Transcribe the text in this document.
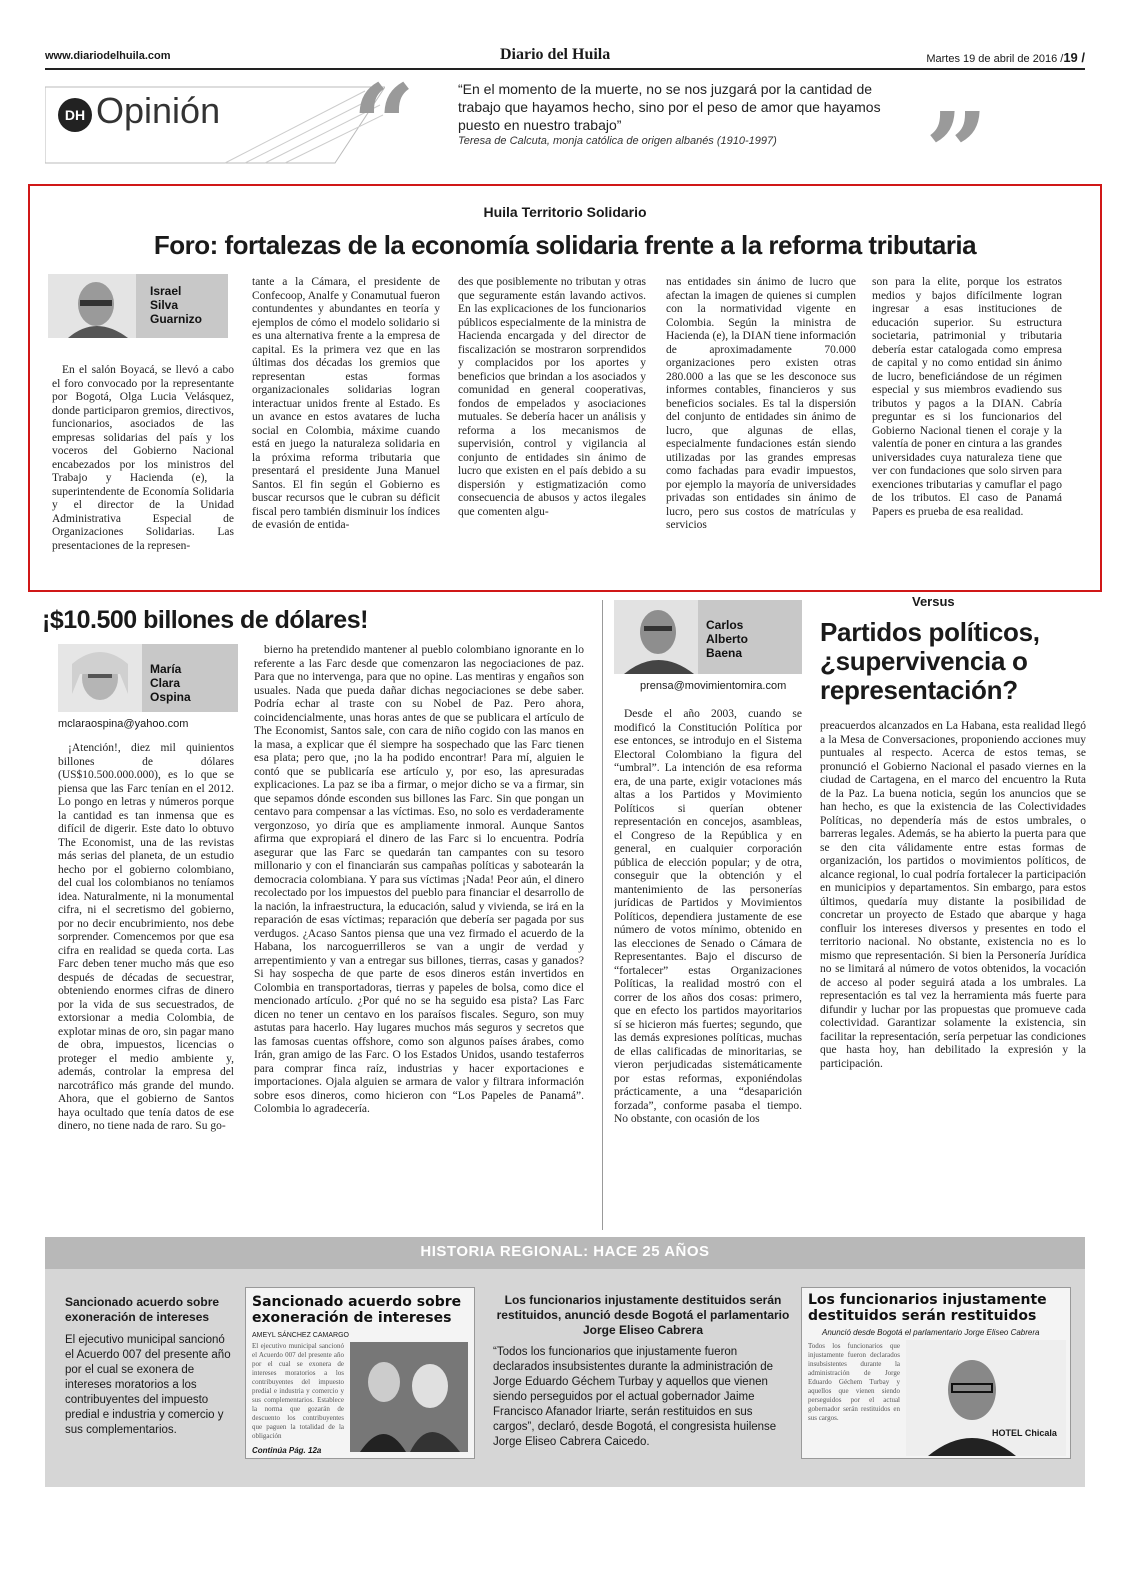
www.diariodelhuila.com	Diario del Huila	Martes 19 de abril de 2016 /19 /
DH Opinión “	“En el momento de la muerte, no se nos juzgará por la cantidad de trabajo que hayamos hecho, sino por el peso de amor que hayamos puesto en nuestro trabajo”
Teresa de Calcuta, monja católica de origen albanés (1910-1997) ”
Huila Territorio Solidario
Foro: fortalezas de la economía solidaria frente a la reforma tributaria
Israel
Silva
Guarnizo
En el salón Boyacá, se llevó a cabo el foro convocado por la representante por Bogotá, Olga Lucia Velásquez, donde participaron gremios, directivos, funcionarios, asociados de las empresas solidarias del país y los voceros del Gobierno Nacional encabezados por los ministros del Trabajo y Hacienda (e), la superintendente de Economía Solidaria y el director de la Unidad Administrativa Especial de Organizaciones Solidarias. Las presentaciones de la represen-
tante a la Cámara, el presidente de Confecoop, Analfe y Conamutual fueron contundentes y abundantes en teoría y ejemplos de cómo el modelo solidario si es una alternativa frente a la empresa de capital. Es la primera vez que en las últimas dos décadas los gremios que representan estas formas organizacionales solidarias logran interactuar unidos frente al Estado. Es un avance en estos avatares de lucha social en Colombia, máxime cuando está en juego la naturaleza solidaria en la próxima reforma tributaria que presentará el presidente Juna Manuel Santos. El fin según el Gobierno es buscar recursos que le cubran su déficit fiscal pero también disminuir los índices de evasión de entida-
des que posiblemente no tributan y otras que seguramente están lavando activos. En las explicaciones de los funcionarios públicos especialmente de la ministra de Hacienda encargada y del director de fiscalización se mostraron sorprendidos y complacidos por los aportes y beneficios que brindan a los asociados y comunidad en general cooperativas, fondos de empelados y asociaciones mutuales. Se debería hacer un análisis y reforma a los mecanismos de supervisión, control y vigilancia al conjunto de entidades sin ánimo de lucro que existen en el país debido a su dispersión y estigmatización como consecuencia de abusos y actos ilegales que comenten algu-
nas entidades sin ánimo de lucro que afectan la imagen de quienes si cumplen con la normatividad vigente en Colombia. Según la ministra de Hacienda (e), la DIAN tiene información de aproximadamente 70.000 organizaciones pero existen otras 280.000 a las que se les desconoce sus informes contables, financieros y sus beneficios sociales. Es tal la dispersión del conjunto de entidades sin ánimo de lucro, que algunas de ellas, especialmente fundaciones están siendo utilizadas por las grandes empresas como fachadas para evadir impuestos, por ejemplo la mayoría de universidades privadas son entidades sin ánimo de lucro, pero sus costos de matrículas y servicios
son para la elite, porque los estratos medios y bajos difícilmente logran ingresar a esas instituciones de educación superior. Su estructura societaria, patrimonial y tributaria debería estar catalogada como empresa de capital y no como entidad sin ánimo de lucro, beneficiándose de un régimen especial y sus miembros evadiendo sus tributos y pagos a la DIAN. Cabría preguntar es si los funcionarios del Gobierno Nacional tienen el coraje y la valentía de poner en cintura a las grandes universidades cuya naturaleza tiene que ver con fundaciones que solo sirven para exenciones tributarias y camuflar el pago de los tributos. El caso de Panamá Papers es prueba de esa realidad.
¡$10.500 billones de dólares!
María
Clara
Ospina
mclaraospina@yahoo.com
¡Atención!, diez mil quinientos billones de dólares (US$10.500.000.000), es lo que se piensa que las Farc tenían en el 2012. Lo pongo en letras y números porque la cantidad es tan inmensa que es difícil de digerir. Este dato lo obtuvo The Economist, una de las revistas más serias del planeta, de un estudio hecho por el gobierno colombiano, del cual los colombianos no teníamos idea. Naturalmente, ni la monumental cifra, ni el secretismo del gobierno, por no decir encubrimiento, nos debe sorprender. Comencemos por que esa cifra en realidad se queda corta. Las Farc deben tener mucho más que eso después de décadas de secuestrar, obteniendo enormes cifras de dinero por la vida de sus secuestrados, de extorsionar a media Colombia, de explotar minas de oro, sin pagar mano de obra, impuestos, licencias o proteger el medio ambiente y, además, controlar la empresa del narcotráfico más grande del mundo. Ahora, que el gobierno de Santos haya ocultado que tenía datos de ese dinero, no tiene nada de raro. Su go-
bierno ha pretendido mantener al pueblo colombiano ignorante en lo referente a las Farc desde que comenzaron las negociaciones de paz. Para que no intervenga, para que no opine. Las mentiras y engaños son usuales. Nada que pueda dañar dichas negociaciones se debe saber. Podría echar al traste con su Nobel de Paz. Pero ahora, coincidencialmente, unas horas antes de que se publicara el artículo de The Economist, Santos sale, con cara de niño cogido con las manos en la masa, a explicar que él siempre ha sospechado que las Farc tienen esa plata; pero que, ¡no la ha podido encontrar! Para mí, alguien le contó que se publicaría ese artículo y, por eso, las apresuradas explicaciones. La paz se iba a firmar, o mejor dicho se va a firmar, sin que sepamos dónde esconden sus billones las Farc. Sin que pongan un centavo para compensar a las víctimas. Eso, no solo es verdaderamente vergonzoso, yo diría que es ampliamente inmoral. Aunque Santos afirma que expropiará el dinero de las Farc si lo encuentra. Podría asegurar que las Farc se quedarán tan campantes con su tesoro millonario y con el financiarán sus campañas políticas y sabotearán la democracia colombiana. Y para sus víctimas ¡Nada! Peor aún, el dinero recolectado por los impuestos del pueblo para financiar el desarrollo de la nación, la infraestructura, la educación, salud y vivienda, se irá en la reparación de esas víctimas; reparación que debería ser pagada por sus verdugos. ¿Acaso Santos piensa que una vez firmado el acuerdo de la Habana, los narcoguerrilleros se van a ungir de verdad y arrepentimiento y van a entregar sus billones, tierras, casas y ganados? Si hay sospecha de que parte de esos dineros están invertidos en Colombia en transportadoras, tierras y papeles de bolsa, como dice el mencionado artículo. ¿Por qué no se ha seguido esa pista? Las Farc dicen no tener un centavo en los paraísos fiscales. Seguro, son muy astutas para hacerlo. Hay lugares muchos más seguros y secretos que las famosas cuentas offshore, como son algunos países árabes, como Irán, gran amigo de las Farc. O los Estados Unidos, usando testaferros para comprar finca raíz, industrias y hacer exportaciones e importaciones. Ojala alguien se armara de valor y filtrara información sobre esos dineros, como hicieron con “Los Papeles de Panamá”. Colombia lo agradecería.
Carlos
Alberto
Baena
prensa@movimientomira.com
Versus
Partidos políticos, ¿supervivencia o representación?
Desde el año 2003, cuando se modificó la Constitución Política por ese entonces, se introdujo en el Sistema Electoral Colombiano la figura del “umbral”. La intención de esa reforma era, de una parte, exigir votaciones más altas a los Partidos y Movimiento Políticos si querían obtener representación en concejos, asambleas, el Congreso de la República y en general, en cualquier corporación pública de elección popular; y de otra, conseguir que la obtención y el mantenimiento de las personerías jurídicas de Partidos y Movimientos Políticos, dependiera justamente de ese número de votos mínimo, obtenido en las elecciones de Senado o Cámara de Representantes. Bajo el discurso de “fortalecer” estas Organizaciones Políticas, la realidad mostró con el correr de los años dos cosas: primero, que en efecto los partidos mayoritarios sí se hicieron más fuertes; segundo, que las demás expresiones políticas, muchas de ellas calificadas de minoritarias, se vieron perjudicadas sistemáticamente por estas reformas, exponiéndolas prácticamente, a una “desaparición forzada”, conforme pasaba el tiempo. No obstante, con ocasión de los
preacuerdos alcanzados en La Habana, esta realidad llegó a la Mesa de Conversaciones, proponiendo acciones muy puntuales al respecto. Acerca de estos temas, se pronunció el Gobierno Nacional el pasado viernes en la ciudad de Cartagena, en el marco del encuentro la Ruta de la Paz. La buena noticia, según los anuncios que se han hecho, es que la existencia de las Colectividades Políticas, no dependería más de estos umbrales, o barreras legales. Además, se ha abierto la puerta para que se den cita válidamente entre estas formas de organización, los partidos o movimientos políticos, de alcance regional, lo cual podría fortalecer la participación en municipios y departamentos. Sin embargo, para estos últimos, quedaría muy distante la posibilidad de concretar un proyecto de Estado que abarque y haga confluir los intereses diversos y presentes en todo el territorio nacional. No obstante, existencia no es lo mismo que representación. Si bien la Personería Jurídica no se limitará al número de votos obtenidos, la vocación de acceso al poder seguirá atada a los umbrales. La representación es tal vez la herramienta más fuerte para difundir y luchar por las propuestas que promueve cada colectividad. Garantizar solamente la existencia, sin facilitar la representación, sería perpetuar las condiciones que hasta hoy, han debilitado la expresión y la participación.
HISTORIA REGIONAL: HACE 25 AÑOS
Sancionado acuerdo sobre exoneración de intereses
El ejecutivo municipal sancionó el Acuerdo 007 del presente año por el cual se exonera de intereses moratorios a los contribuyentes del impuesto predial e industria y comercio y sus complementarios.
Sancionado acuerdo sobre exoneración de intereses
AMEYL SÁNCHEZ CAMARGO
El ejecutivo municipal sancionó el Acuerdo 007 del presente año por el cual se exonera de intereses moratorios a los contribuyentes del impuesto predial e industria y comercio y sus complementarios. Establece la norma que gozarán de descuento los contribuyentes que paguen la totalidad de la obligación
Continúa Pág. 12a
Los funcionarios injustamente destituidos serán restituidos, anunció desde Bogotá el parlamentario Jorge Eliseo Cabrera
“Todos los funcionarios que injustamente fueron declarados insubsistentes durante la administración de Jorge Eduardo Géchem Turbay y aquellos que vienen siendo perseguidos por el actual gobernador Jaime Francisco Afanador Iriarte, serán restituidos en sus cargos”, declaró, desde Bogotá, el congresista huilense Jorge Eliseo Cabrera Caicedo.
Los funcionarios injustamente destituidos serán restituidos
Anunció desde Bogotá el parlamentario Jorge Eliseo Cabrera
Todos los funcionarios que injustamente fueron declarados insubsistentes durante la administración de Jorge Eduardo Géchem Turbay y aquellos que vienen siendo perseguidos por el actual gobernador serán restituidos en sus cargos.
HOTEL Chicala
